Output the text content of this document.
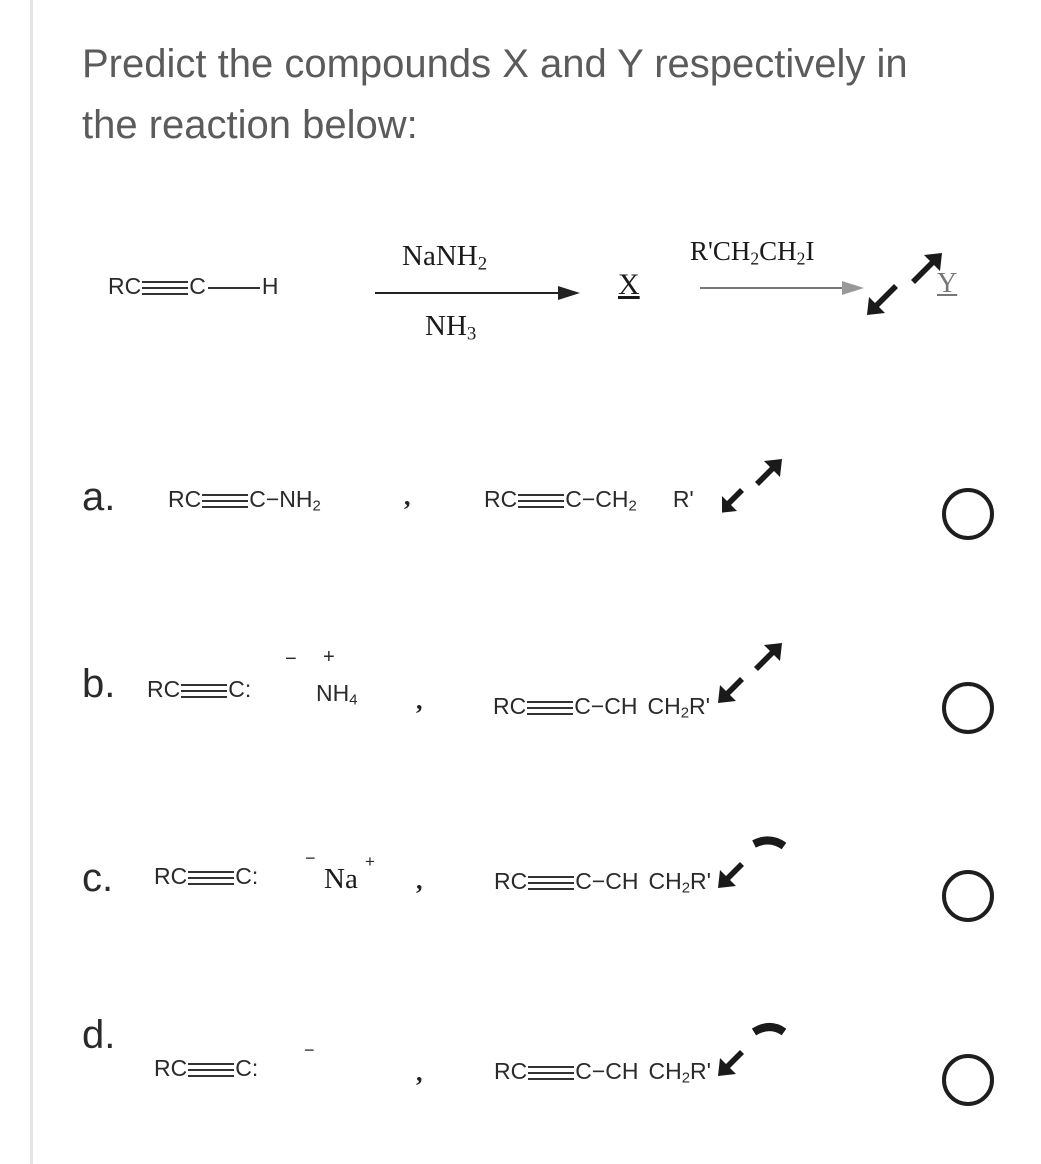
Predict the compounds X and Y respectively in
the reaction below:
RC C H
NaNH$_2$
$NH_3$
X
$R'CH_2CH_2I$
Y
a. RC $C-NH_2$	,	RC $C-CH_2$ R'
b. RC C:
− +
$NH_4$ ,	RC C−CH $CH_2R'$
c. RC C:
−
Na
+
,	RC C−CH $CH_2R'$
d.
RC C:
−
,	RC C−CH $CH_2R'$
